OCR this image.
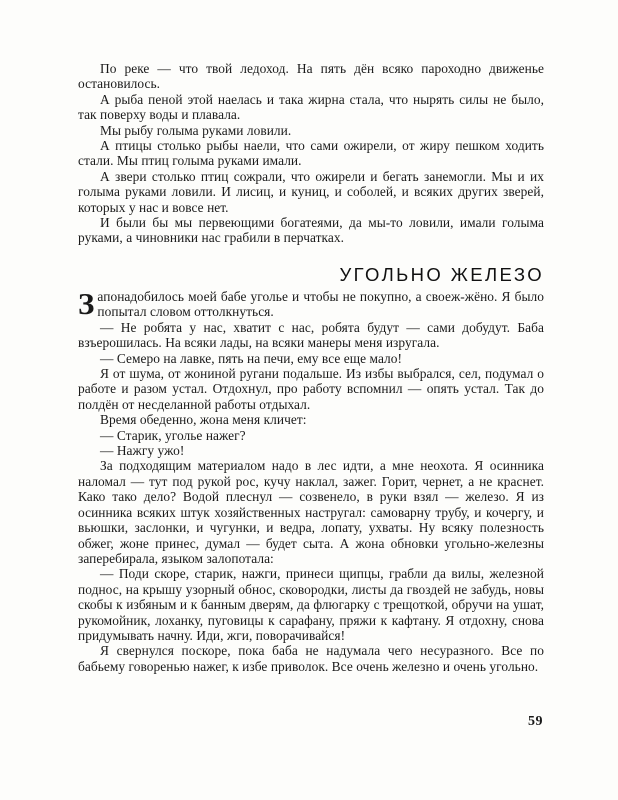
По реке — что твой ледоход. На пять дён всяко пароходно движенье остановилось.

А рыба пеной этой наелась и така жирна стала, что нырять силы не было, так поверху воды и плавала.

Мы рыбу голыма руками ловили.

А птицы столько рыбы наели, что сами ожирели, от жиру пешком ходить стали. Мы птиц голыма руками имали.

А звери столько птиц сожрали, что ожирели и бегать занемогли. Мы и их голыма руками ловили. И лисиц, и куниц, и соболей, и всяких других зверей, которых у нас и вовсе нет.

И были бы мы первеющими богатеями, да мы-то ловили, имали голыма руками, а чиновники нас грабили в перчатках.

УГОЛЬНО ЖЕЛЕЗО

Запонадобилось моей бабе уголье и чтобы не покупно, а своеж-жёно. Я было попытал словом оттолкнуться.

— Не робята у нас, хватит с нас, робята будут — сами добудут. Баба взъерошилась. На всяки лады, на всяки манеры меня изругала.

— Семеро на лавке, пять на печи, ему все еще мало!

Я от шума, от жониной ругани подальше. Из избы выбрался, сел, подумал о работе и разом устал. Отдохнул, про работу вспомнил — опять устал. Так до полдён от несделанной работы отдыхал.

Время обеденно, жона меня кличет:

— Старик, уголье нажег?

— Нажгу ужо!

За подходящим материалом надо в лес идти, а мне неохота. Я осинника наломал — тут под рукой рос, кучу наклал, зажег. Горит, чернет, а не краснет. Како тако дело? Водой плеснул — созвенело, в руки взял — железо. Я из осинника всяких штук хозяйственных настругал: самоварну трубу, и кочергу, и вьюшки, заслонки, и чугунки, и ведра, лопату, ухваты. Ну всяку полезность обжег, жоне принес, думал — будет сыта. А жона обновки угольно-железны заперебирала, языком залопотала:

— Поди скоре, старик, нажги, принеси щипцы, грабли да вилы, железной поднос, на крышу узорный обнос, сковородки, листы да гвоздей не забудь, новы скобы к избяным и к банным дверям, да флюгарку с трещоткой, обручи на ушат, рукомойник, лоханку, пуговицы к сарафану, пряжи к кафтану. Я отдохну, снова придумывать начну. Иди, жги, поворачивайся!

Я свернулся поскоре, пока баба не надумала чего несуразного. Все по бабьему говоренью нажег, к избе приволок. Все очень железно и очень угольно.

59
